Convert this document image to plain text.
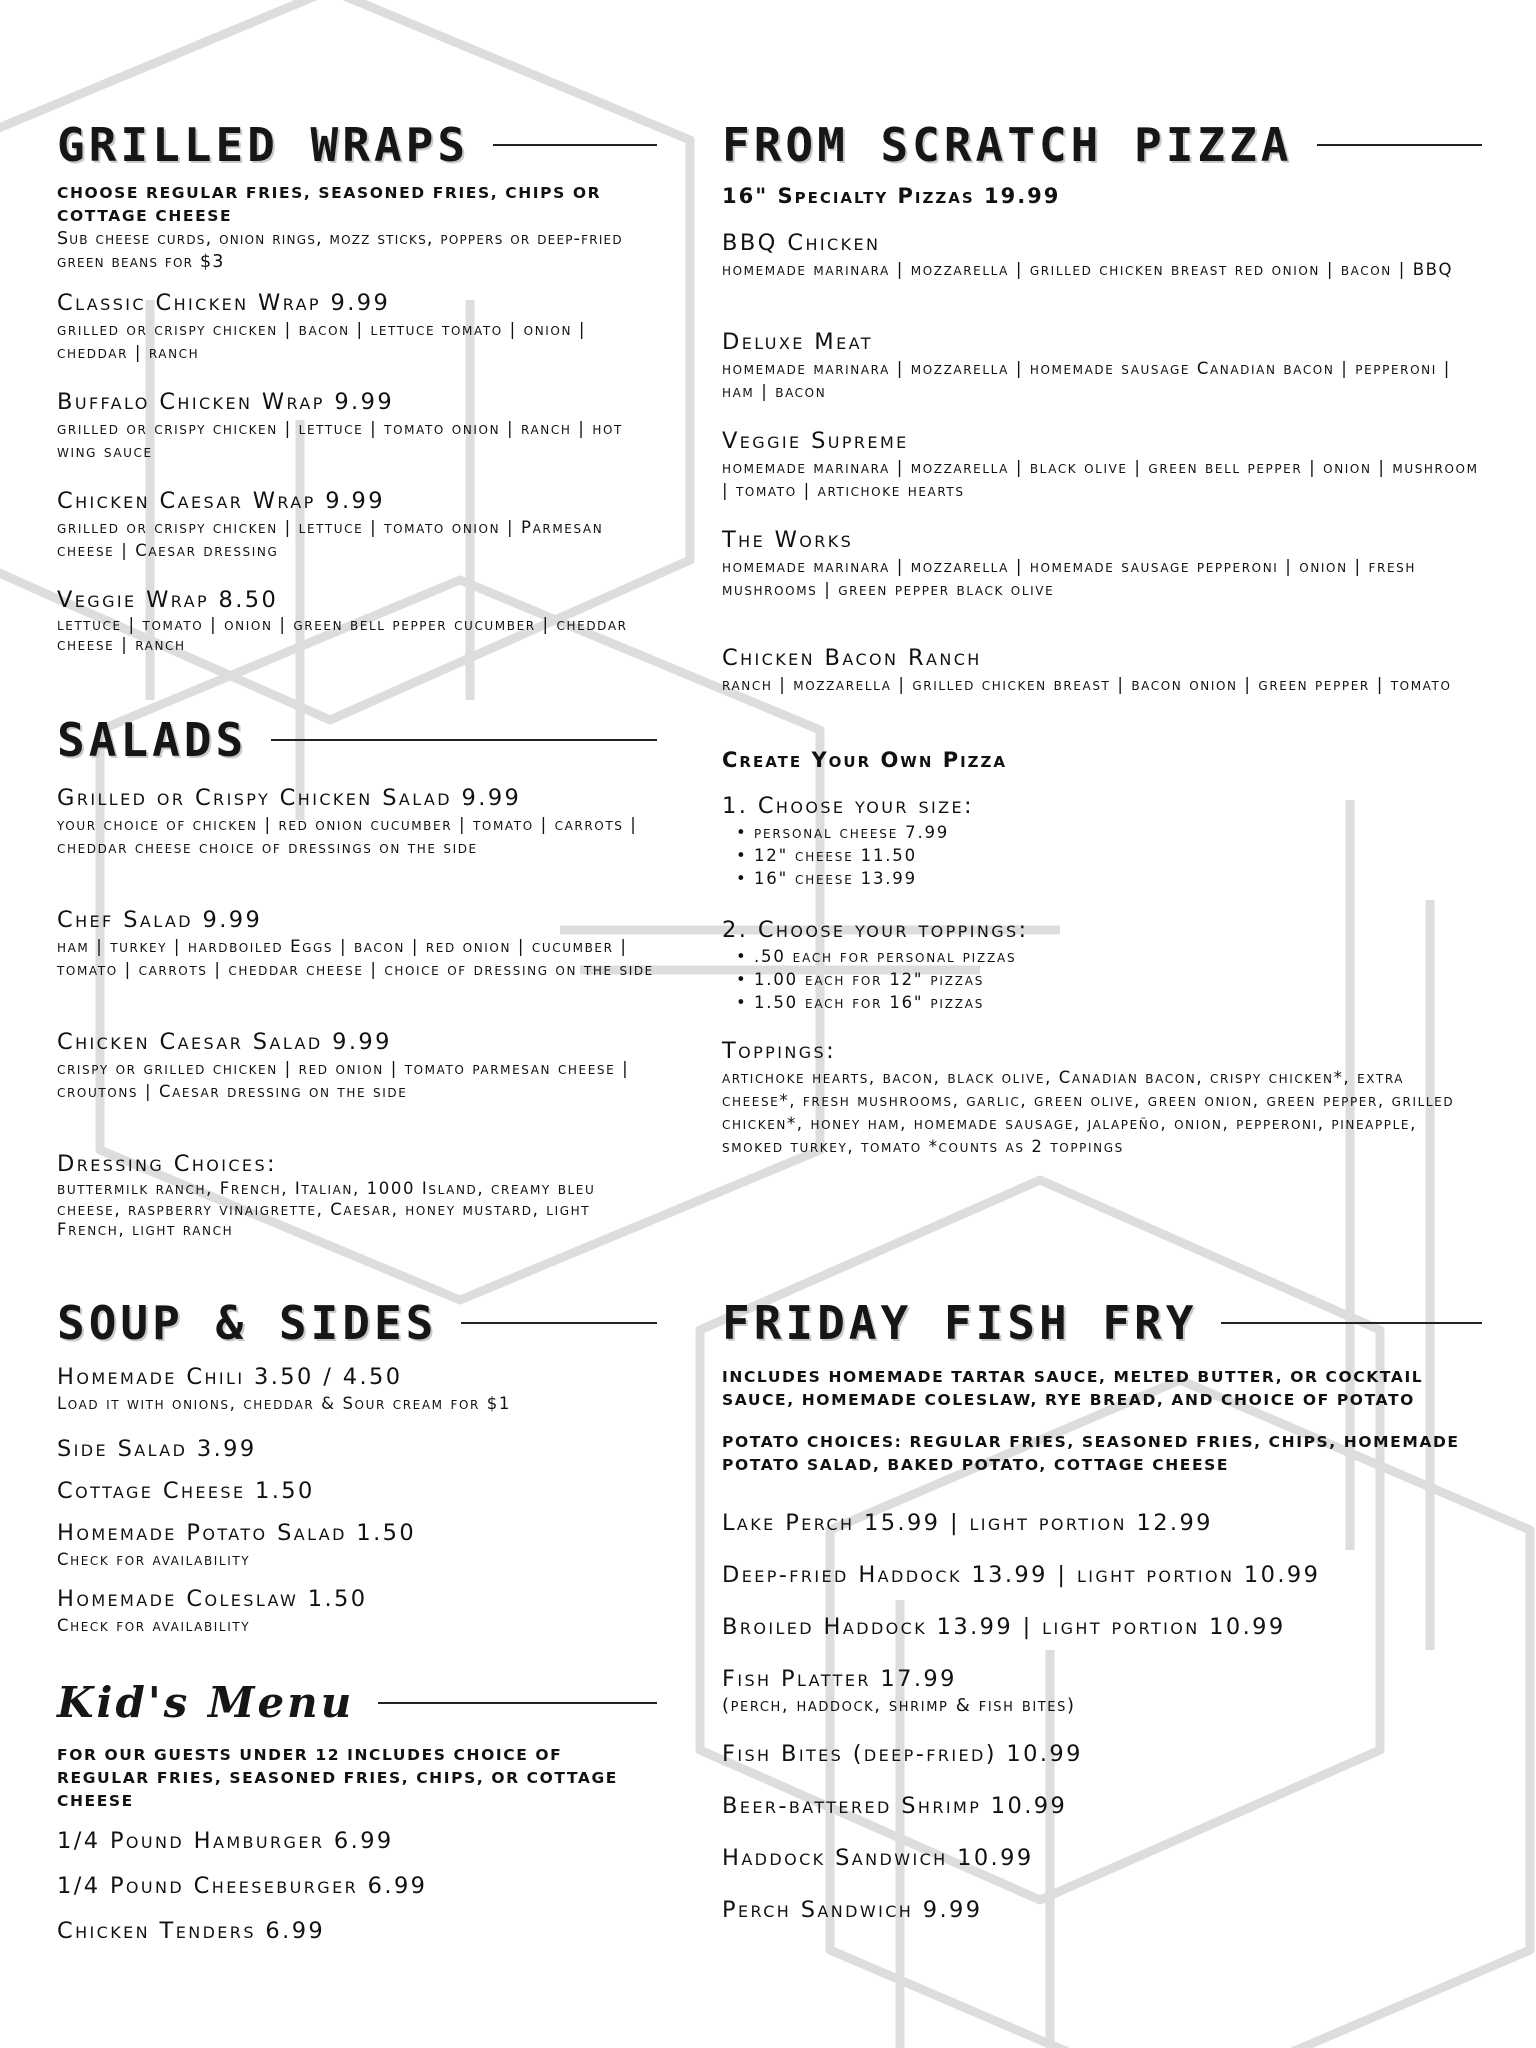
GRILLED WRAPS

CHOOSE REGULAR FRIES, SEASONED FRIES, CHIPS OR COTTAGE CHEESE

Sub cheese curds, onion rings, mozz sticks, poppers or deep-fried green beans for $3

Classic Chicken Wrap 9.99
grilled or crispy chicken | bacon | lettuce tomato | onion | cheddar | ranch
Buffalo Chicken Wrap 9.99
grilled or crispy chicken | lettuce | tomato onion | ranch | hot wing sauce
Chicken Caesar Wrap 9.99
grilled or crispy chicken | lettuce | tomato onion | Parmesan cheese | Caesar dressing
Veggie Wrap 8.50
lettuce | tomato | onion | green bell pepper cucumber | cheddar cheese | ranch
SALADS
Grilled or Crispy Chicken Salad 9.99
your choice of chicken | red onion cucumber | tomato | carrots | cheddar cheese choice of dressings on the side
Chef Salad 9.99
ham | turkey | hardboiled Eggs | bacon | red onion | cucumber | tomato | carrots | cheddar cheese | choice of dressing on the side
Chicken Caesar Salad 9.99
crispy or grilled chicken | red onion | tomato parmesan cheese | croutons | Caesar dressing on the side
Dressing Choices:
buttermilk ranch, French, Italian, 1000 Island, creamy bleu cheese, raspberry vinaigrette, Caesar, honey mustard, light French, light ranch
SOUP & SIDES
Homemade Chili 3.50 / 4.50
Load it with onions, cheddar & Sour cream for $1
Side Salad 3.99
Cottage Cheese 1.50
Homemade Potato Salad 1.50
Check for availability
Homemade Coleslaw 1.50
Check for availability
Kid's Menu

FOR OUR GUESTS UNDER 12 INCLUDES CHOICE OF REGULAR FRIES, SEASONED FRIES, CHIPS, OR COTTAGE CHEESE

1/4 Pound Hamburger 6.99
1/4 Pound Cheeseburger 6.99
Chicken Tenders 6.99
FROM SCRATCH PIZZA

16" Specialty Pizzas 19.99

BBQ Chicken
homemade marinara | mozzarella | grilled chicken breast red onion | bacon | BBQ
Deluxe Meat
homemade marinara | mozzarella | homemade sausage Canadian bacon | pepperoni | ham | bacon
Veggie Supreme
homemade marinara | mozzarella | black olive | green bell pepper | onion | mushroom | tomato | artichoke hearts
The Works
homemade marinara | mozzarella | homemade sausage pepperoni | onion | fresh mushrooms | green pepper black olive
Chicken Bacon Ranch
ranch | mozzarella | grilled chicken breast | bacon onion | green pepper | tomato

Create Your Own Pizza

1. Choose your size:
• personal cheese 7.99
• 12" cheese 11.50
• 16" cheese 13.99
2. Choose your toppings:
• .50 each for personal pizzas
• 1.00 each for 12" pizzas
• 1.50 each for 16" pizzas
Toppings:
artichoke hearts, bacon, black olive, Canadian bacon, crispy chicken*, extra cheese*, fresh mushrooms, garlic, green olive, green onion, green pepper, grilled chicken*, honey ham, homemade sausage, jalapeño, onion, pepperoni, pineapple, smoked turkey, tomato *counts as 2 toppings
FRIDAY FISH FRY

INCLUDES HOMEMADE TARTAR SAUCE, MELTED BUTTER, OR COCKTAIL SAUCE, HOMEMADE COLESLAW, RYE BREAD, AND CHOICE OF POTATO

POTATO CHOICES: REGULAR FRIES, SEASONED FRIES, CHIPS, HOMEMADE POTATO SALAD, BAKED POTATO, COTTAGE CHEESE

Lake Perch 15.99 | light portion 12.99
Deep-fried Haddock 13.99 | light portion 10.99
Broiled Haddock 13.99 | light portion 10.99
Fish Platter 17.99
(perch, haddock, shrimp & fish bites)
Fish Bites (deep-fried) 10.99
Beer-battered Shrimp 10.99
Haddock Sandwich 10.99
Perch Sandwich 9.99
